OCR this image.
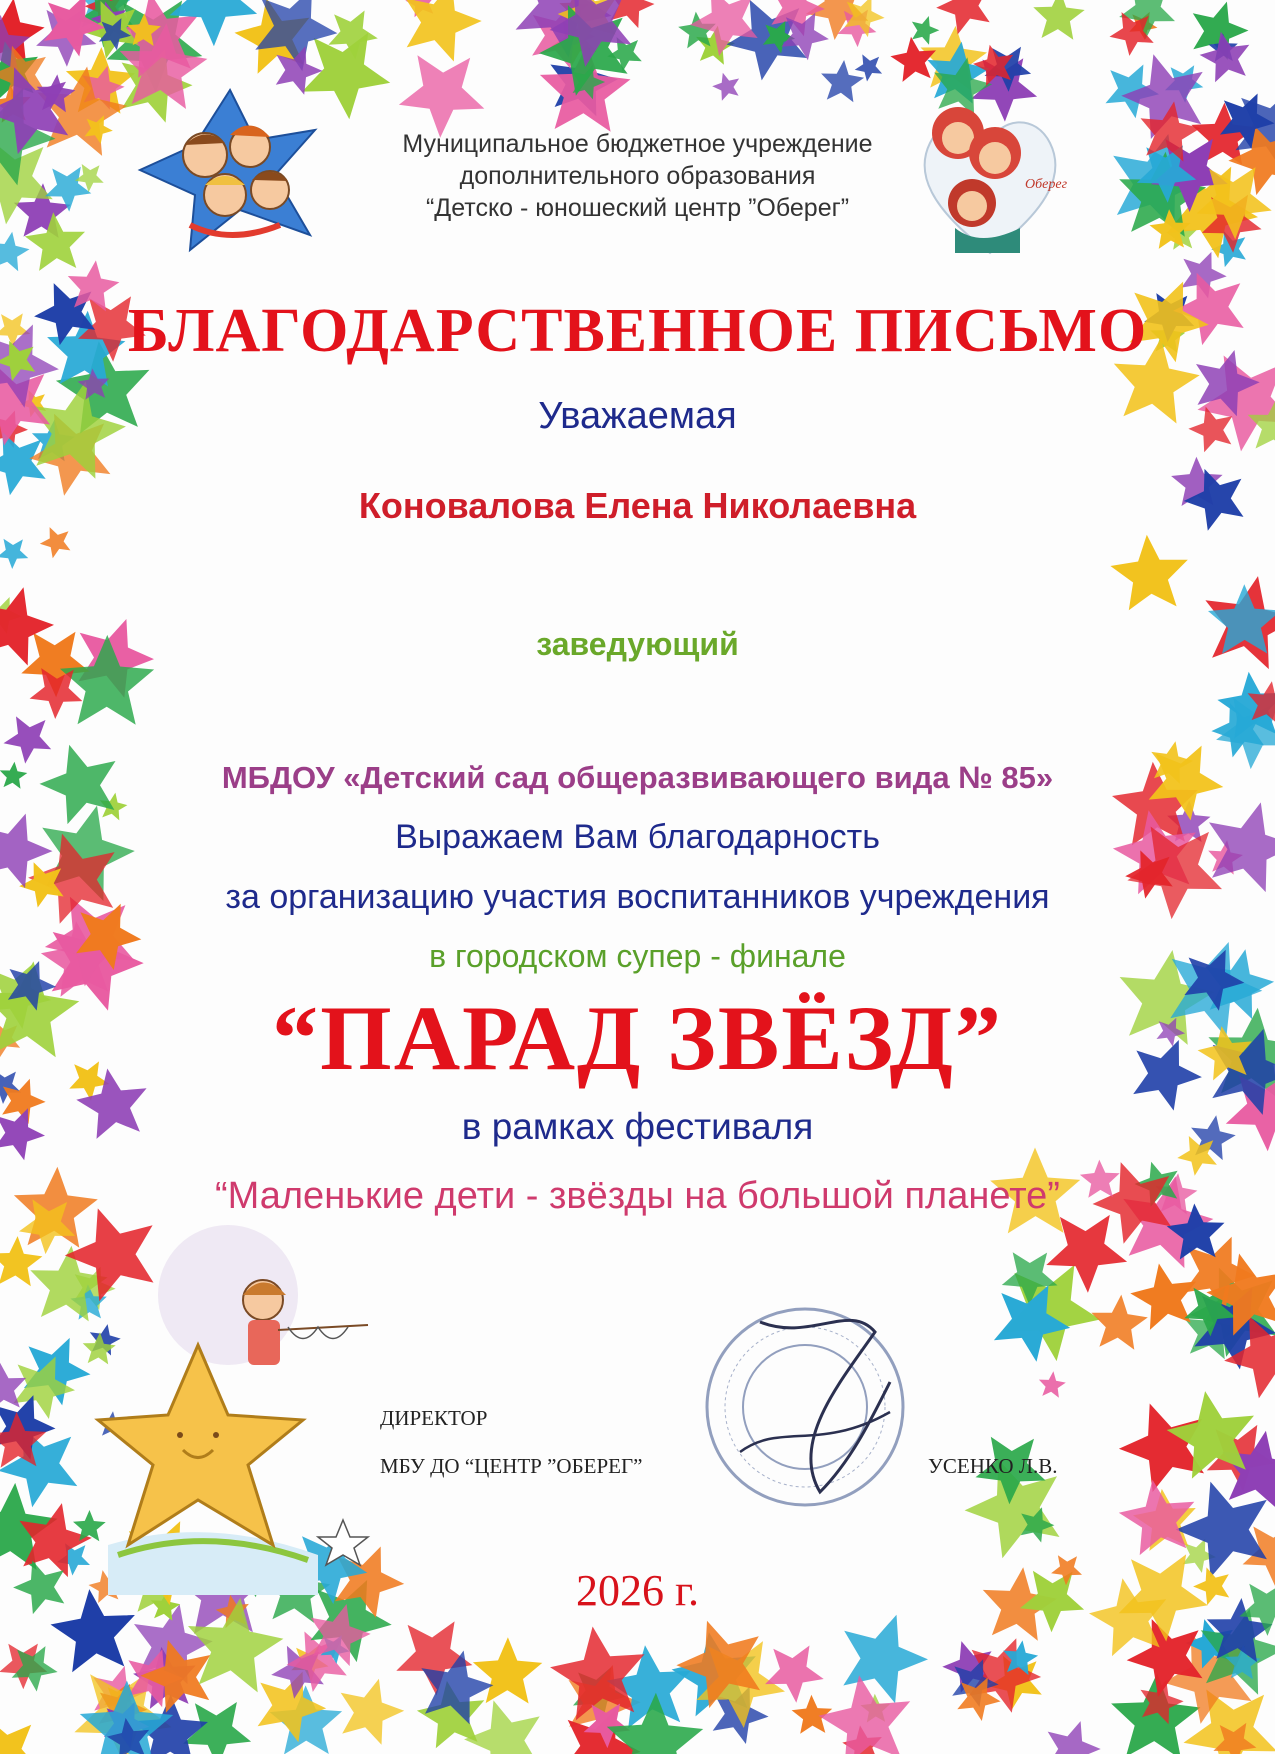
Оберег
Муниципальное бюджетное учреждение
дополнительного образования
“Детско - юношеский центр ”Оберег”
БЛАГОДАРСТВЕННОЕ ПИСЬМО
Уважаемая
Коновалова Елена Николаевна
заведующий
МБДОУ «Детский сад общеразвивающего вида № 85»
Выражаем Вам благодарность
за организацию участия воспитанников учреждения
в городском супер - финале
“ПАРАД ЗВЁЗД”
в рамках фестиваля
“Маленькие дети - звёзды на большой планете”
ДИРЕКТОР
МБУ ДО “ЦЕНТР ”ОБЕРЕГ”	УСЕНКО Л.В.
2026 г.
